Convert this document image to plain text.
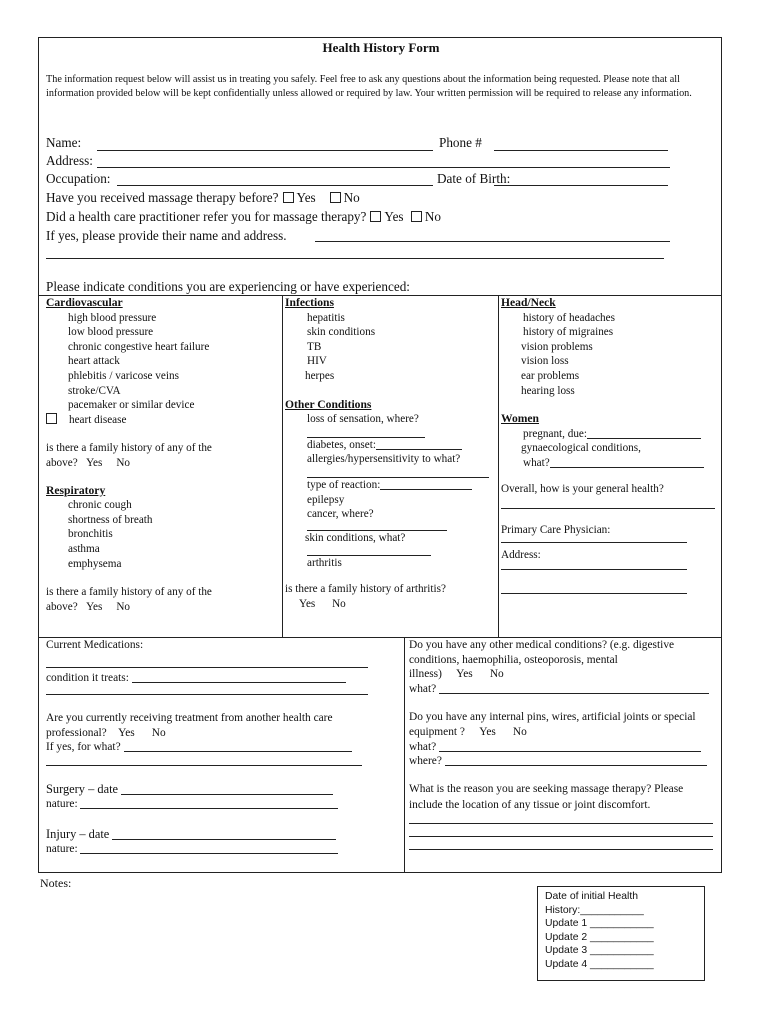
Health History Form
The information request below will assist us in treating you safely. Feel free to ask any questions about the information being requested. Please note that all information provided below will be kept confidentially unless allowed or required by law. Your written permission will be required to release any information.
Name:	Phone #
Address:
Occupation:	Date of Birth:
Have you received massage therapy before? Yes No
Did a health care practitioner refer you for massage therapy? Yes No
If yes, please provide their name and address.
Please indicate conditions you are experiencing or have experienced:
Cardiovascular
high blood pressure
low blood pressure
chronic congestive heart failure
heart attack
phlebitis / varicose veins
stroke/CVA
pacemaker or similar device
heart disease
is there a family history of any of the above? Yes No
Respiratory
chronic cough
shortness of breath
bronchitis
asthma
emphysema
is there a family history of any of the above? Yes No
Infections
hepatitis
skin conditions
TB
HIV
herpes
Other Conditions
loss of sensation, where?
diabetes, onset:
allergies/hypersensitivity to what?
type of reaction:
epilepsy
cancer, where?
skin conditions, what?
arthritis
is there a family history of arthritis?
Yes No
Head/Neck
history of headaches
history of migraines
vision problems
vision loss
ear problems
hearing loss
Women
pregnant, due:
gynaecological conditions,
what?
Overall, how is your general health?
Primary Care Physician:
Address:
Current Medications:
condition it treats:
Are you currently receiving treatment from another health care professional? Yes No
If yes, for what?
Surgery – date
nature:
Injury – date
nature:
Do you have any other medical conditions? (e.g. digestive conditions, haemophilia, osteoporosis, mental illness) Yes No
what?
Do you have any internal pins, wires, artificial joints or special equipment ? Yes No
what?
where?
What is the reason you are seeking massage therapy? Please include the location of any tissue or joint discomfort.
Notes:
Date of initial Health History:___________
Update 1 ___________
Update 2 ___________
Update 3 ___________
Update 4 ___________
